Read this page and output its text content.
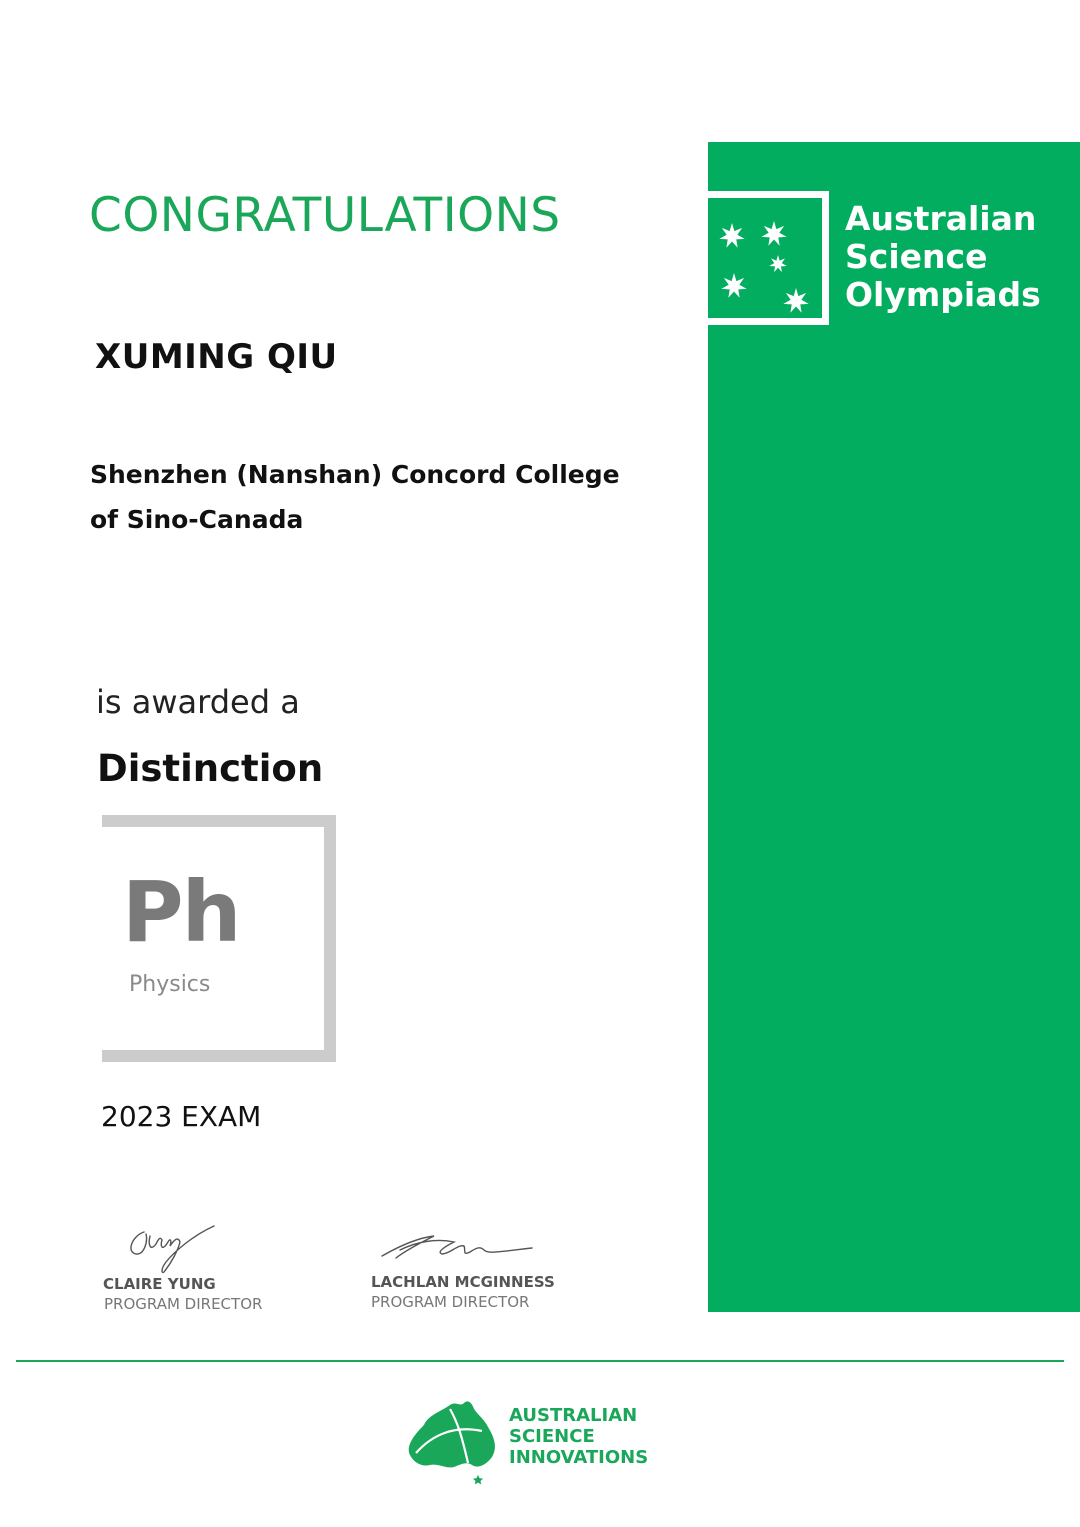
CONGRATULATIONS
XUMING QIU
Shenzhen (Nanshan) Concord College of Sino-Canada
is awarded a
Distinction
Ph
Physics
2023 EXAM
CLAIRE YUNG
PROGRAM DIRECTOR
LACHLAN MCGINNESS
PROGRAM DIRECTOR
Australian
Science
Olympiads
AUSTRALIAN
SCIENCE
INNOVATIONS
